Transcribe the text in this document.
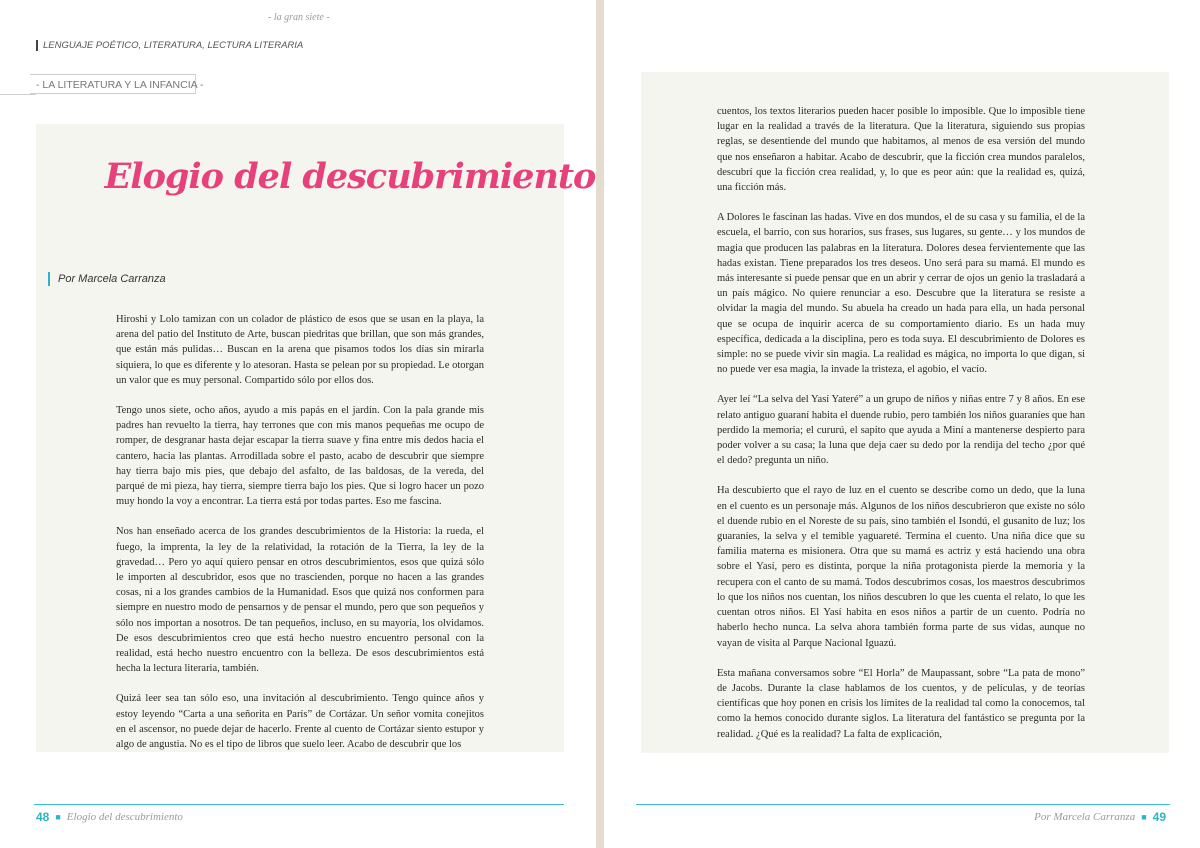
- la gran siete -
LENGUAJE POÉTICO, LITERATURA, LECTURA LITERARIA
- LA LITERATURA Y LA INFANCIA -
Elogio del descubrimiento
Por Marcela Carranza

Hiroshi y Lolo tamizan con un colador de plástico de esos que se usan en la playa, la arena del patio del Instituto de Arte, buscan piedritas que brillan, que son más grandes, que están más pulidas… Buscan en la arena que pisamos todos los días sin mirarla siquiera, lo que es diferente y lo atesoran. Hasta se pelean por su propiedad. Le otorgan un valor que es muy personal. Compartido sólo por ellos dos.

Tengo unos siete, ocho años, ayudo a mis papás en el jardín. Con la pala grande mis padres han revuelto la tierra, hay terrones que con mis manos pequeñas me ocupo de romper, de desgranar hasta dejar escapar la tierra suave y fina entre mis dedos hacia el cantero, hacia las plantas. Arrodillada sobre el pasto, acabo de descubrir que siempre hay tierra bajo mis pies, que debajo del asfalto, de las baldosas, de la vereda, del parqué de mi pieza, hay tierra, siempre tierra bajo los pies. Que si logro hacer un pozo muy hondo la voy a encontrar. La tierra está por todas partes. Eso me fascina.

Nos han enseñado acerca de los grandes descubrimientos de la Historia: la rueda, el fuego, la imprenta, la ley de la relatividad, la rotación de la Tierra, la ley de la gravedad… Pero yo aquí quiero pensar en otros descubrimientos, esos que quizá sólo le importen al descubridor, esos que no trascienden, porque no hacen a las grandes cosas, ni a los grandes cambios de la Humanidad. Esos que quizá nos conformen para siempre en nuestro modo de pensarnos y de pensar el mundo, pero que son pequeños y sólo nos importan a nosotros. De tan pequeños, incluso, en su mayoría, los olvidamos. De esos descubrimientos creo que está hecho nuestro encuentro personal con la realidad, está hecho nuestro encuentro con la belleza. De esos descubrimientos está hecha la lectura literaria, también.

Quizá leer sea tan sólo eso, una invitación al descubrimiento. Tengo quince años y estoy leyendo “Carta a una señorita en París” de Cortázar. Un señor vomita conejitos en el ascensor, no puede dejar de hacerlo. Frente al cuento de Cortázar siento estupor y algo de angustia. No es el tipo de libros que suelo leer. Acabo de descubrir que los

cuentos, los textos literarios pueden hacer posible lo imposible. Que lo imposible tiene lugar en la realidad a través de la literatura. Que la literatura, siguiendo sus propias reglas, se desentiende del mundo que habitamos, al menos de esa versión del mundo que nos enseñaron a habitar. Acabo de descubrir, que la ficción crea mundos paralelos, descubrí que la ficción crea realidad, y, lo que es peor aún: que la realidad es, quizá, una ficción más.

A Dolores le fascinan las hadas. Vive en dos mundos, el de su casa y su familia, el de la escuela, el barrio, con sus horarios, sus frases, sus lugares, su gente… y los mundos de magia que producen las palabras en la literatura. Dolores desea fervientemente que las hadas existan. Tiene preparados los tres deseos. Uno será para su mamá. El mundo es más interesante si puede pensar que en un abrir y cerrar de ojos un genio la trasladará a un país mágico. No quiere renunciar a eso. Descubre que la literatura se resiste a olvidar la magia del mundo. Su abuela ha creado un hada para ella, un hada personal que se ocupa de inquirir acerca de su comportamiento diario. Es un hada muy específica, dedicada a la disciplina, pero es toda suya. El descubrimiento de Dolores es simple: no se puede vivir sin magia. La realidad es mágica, no importa lo que digan, si no puede ver esa magia, la invade la tristeza, el agobio, el vacío.

Ayer leí “La selva del Yasí Yateré” a un grupo de niños y niñas entre 7 y 8 años. En ese relato antiguo guaraní habita el duende rubio, pero también los niños guaraníes que han perdido la memoria; el cururú, el sapito que ayuda a Miní a mantenerse despierto para poder volver a su casa; la luna que deja caer su dedo por la rendija del techo ¿por qué el dedo? pregunta un niño.

Ha descubierto que el rayo de luz en el cuento se describe como un dedo, que la luna en el cuento es un personaje más. Algunos de los niños descubrieron que existe no sólo el duende rubio en el Noreste de su país, sino también el Isondú, el gusanito de luz; los guaraníes, la selva y el temible yaguareté. Termina el cuento. Una niña dice que su familia materna es misionera. Otra que su mamá es actriz y está haciendo una obra sobre el Yasí, pero es distinta, porque la niña protagonista pierde la memoria y la recupera con el canto de su mamá. Todos descubrimos cosas, los maestros descubrimos lo que los niños nos cuentan, los niños descubren lo que les cuenta el relato, lo que les cuentan otros niños. El Yasí habita en esos niños a partir de un cuento. Podría no haberlo hecho nunca. La selva ahora también forma parte de sus vidas, aunque no vayan de visita al Parque Nacional Iguazú.

Esta mañana conversamos sobre “El Horla” de Maupassant, sobre “La pata de mono” de Jacobs. Durante la clase hablamos de los cuentos, y de películas, y de teorías científicas que hoy ponen en crisis los límites de la realidad tal como la conocemos, tal como la hemos conocido durante siglos. La literatura del fantástico se pregunta por la realidad. ¿Qué es la realidad? La falta de explicación,

48 ■ Elogio del descubrimiento	Por Marcela Carranza ■ 49
